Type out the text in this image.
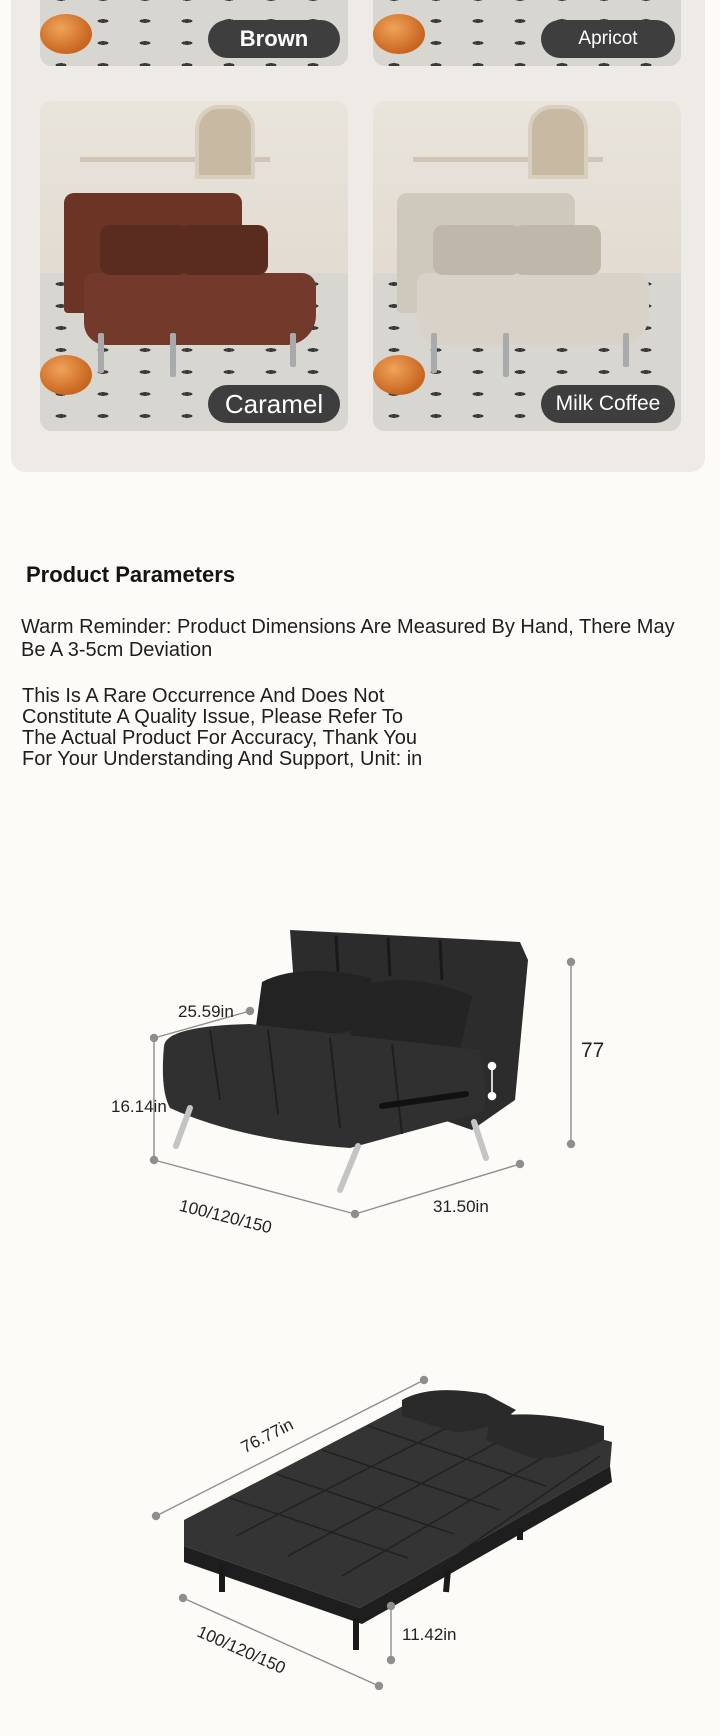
Brown	Apricot
Caramel	Milk Coffee
Product Parameters
Warm Reminder: Product Dimensions Are Measured By Hand, There May Be A 3-5cm Deviation
This Is A Rare Occurrence And Does Not
Constitute A Quality Issue, Please Refer To
The Actual Product For Accuracy, Thank You
For Your Understanding And Support, Unit: in
25.59in
16.14in
100/120/150	31.50in
77
76.77in
100/120/150	11.42in
